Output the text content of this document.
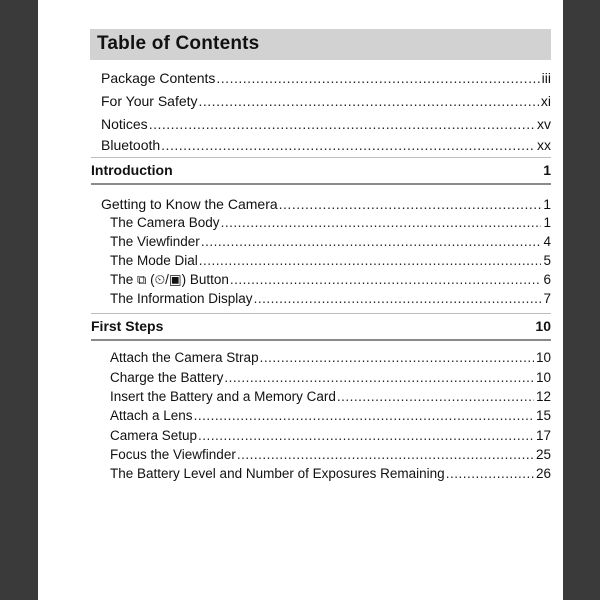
Table of Contents
Package Contents .....	iii
For Your Safety .....	xi
Notices .....	xv
Bluetooth .....	xx
Introduction	1
Getting to Know the Camera .....	1
The Camera Body .....	1
The Viewfinder .....	4
The Mode Dial .....	5
The ⧉ (⏲/▣) Button .....	6
The Information Display .....	7
First Steps	10
Attach the Camera Strap .....	10
Charge the Battery .....	10
Insert the Battery and a Memory Card .....	12
Attach a Lens .....	15
Camera Setup .....	17
Focus the Viewfinder .....	25
The Battery Level and Number of Exposures Remaining .....	26
